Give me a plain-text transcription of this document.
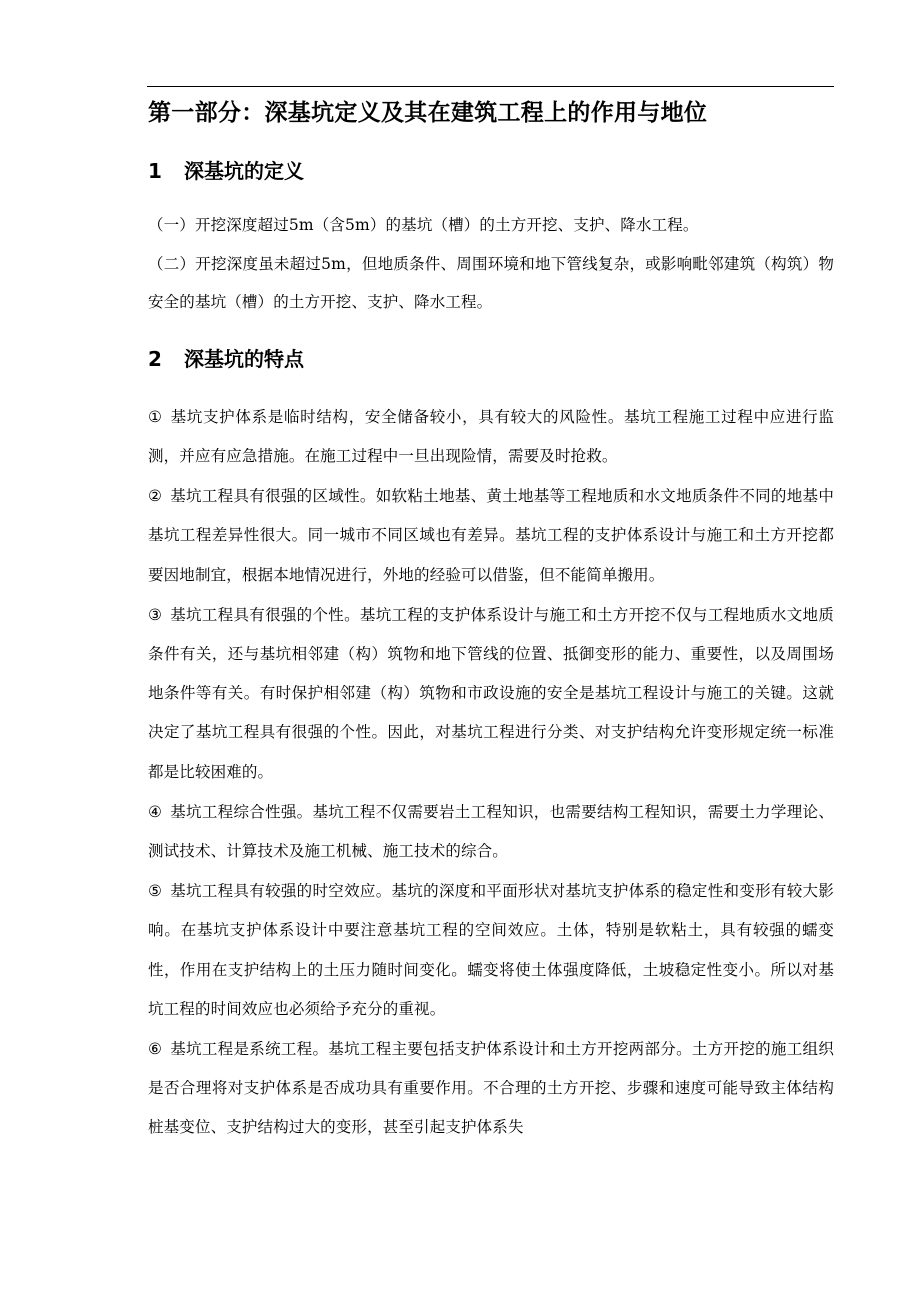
第一部分：深基坑定义及其在建筑工程上的作用与地位
1 深基坑的定义

（一）开挖深度超过5m（含5m）的基坑（槽）的土方开挖、支护、降水工程。

（二）开挖深度虽未超过5m，但地质条件、周围环境和地下管线复杂，或影响毗邻建筑（构筑）物安全的基坑（槽）的土方开挖、支护、降水工程。

2 深基坑的特点

① 基坑支护体系是临时结构，安全储备较小，具有较大的风险性。基坑工程施工过程中应进行监测，并应有应急措施。在施工过程中一旦出现险情，需要及时抢救。

② 基坑工程具有很强的区域性。如软粘土地基、黄土地基等工程地质和水文地质条件不同的地基中基坑工程差异性很大。同一城市不同区域也有差异。基坑工程的支护体系设计与施工和土方开挖都要因地制宜，根据本地情况进行，外地的经验可以借鉴，但不能简单搬用。

③ 基坑工程具有很强的个性。基坑工程的支护体系设计与施工和土方开挖不仅与工程地质水文地质条件有关，还与基坑相邻建（构）筑物和地下管线的位置、抵御变形的能力、重要性，以及周围场地条件等有关。有时保护相邻建（构）筑物和市政设施的安全是基坑工程设计与施工的关键。这就决定了基坑工程具有很强的个性。因此，对基坑工程进行分类、对支护结构允许变形规定统一标准都是比较困难的。

④ 基坑工程综合性强。基坑工程不仅需要岩土工程知识，也需要结构工程知识，需要土力学理论、测试技术、计算技术及施工机械、施工技术的综合。

⑤ 基坑工程具有较强的时空效应。基坑的深度和平面形状对基坑支护体系的稳定性和变形有较大影响。在基坑支护体系设计中要注意基坑工程的空间效应。土体，特别是软粘土，具有较强的蠕变性，作用在支护结构上的土压力随时间变化。蠕变将使土体强度降低，土坡稳定性变小。所以对基坑工程的时间效应也必须给予充分的重视。

⑥ 基坑工程是系统工程。基坑工程主要包括支护体系设计和土方开挖两部分。土方开挖的施工组织是否合理将对支护体系是否成功具有重要作用。不合理的土方开挖、步骤和速度可能导致主体结构桩基变位、支护结构过大的变形，甚至引起支护体系失
